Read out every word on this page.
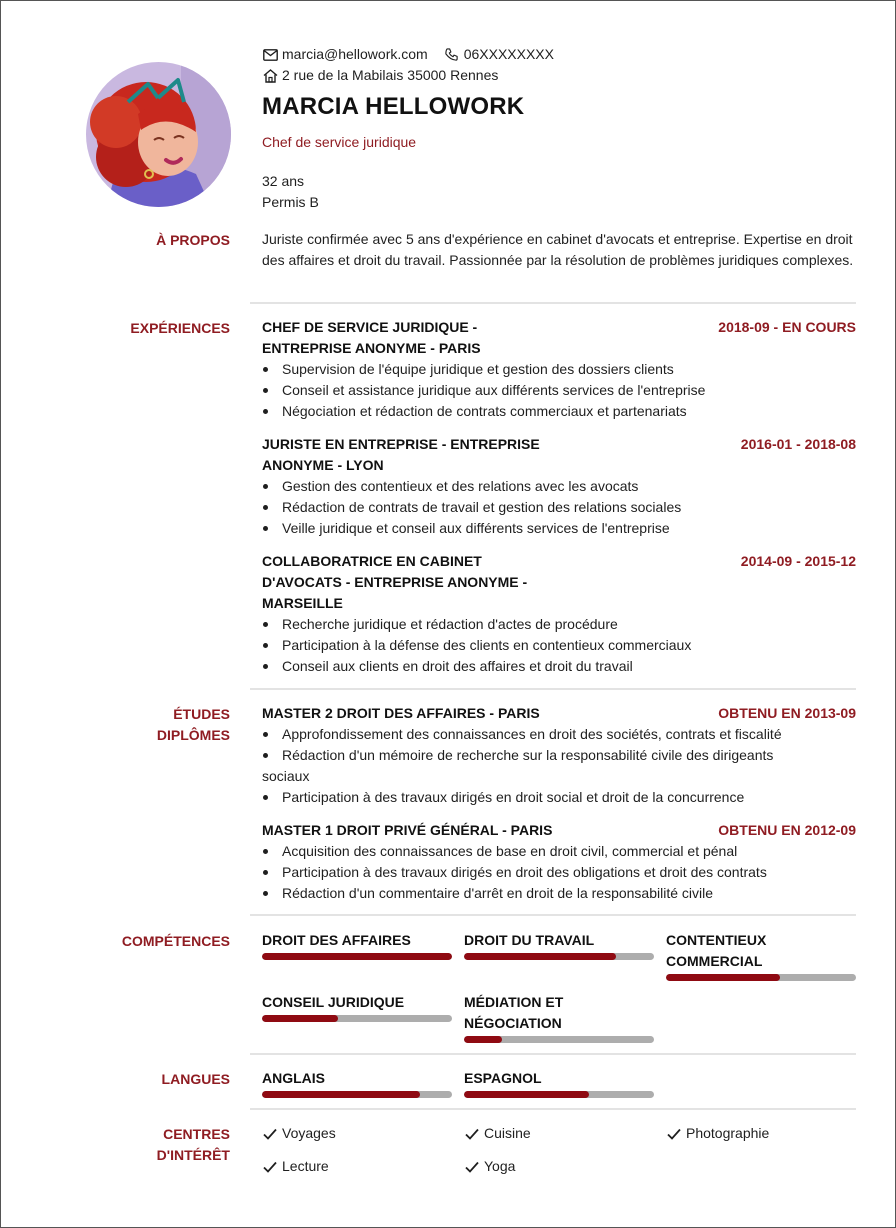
marcia@hellowork.com	06XXXXXXXX
2 rue de la Mabilais 35000 Rennes
MARCIA HELLOWORK
Chef de service juridique
32 ans
Permis B
À PROPOS Juriste confirmée avec 5 ans d'expérience en cabinet d'avocats et entreprise. Expertise en droit des affaires et droit du travail. Passionnée par la résolution de problèmes juridiques complexes.
EXPÉRIENCES CHEF DE SERVICE JURIDIQUE -
ENTREPRISE ANONYME - PARIS
2018-09 - EN COURS
Supervision de l'équipe juridique et gestion des dossiers clients
Conseil et assistance juridique aux différents services de l'entreprise
Négociation et rédaction de contrats commerciaux et partenariats
JURISTE EN ENTREPRISE - ENTREPRISE
ANONYME - LYON
2016-01 - 2018-08
Gestion des contentieux et des relations avec les avocats
Rédaction de contrats de travail et gestion des relations sociales
Veille juridique et conseil aux différents services de l'entreprise
COLLABORATRICE EN CABINET
D'AVOCATS - ENTREPRISE ANONYME -
MARSEILLE
2014-09 - 2015-12
Recherche juridique et rédaction d'actes de procédure
Participation à la défense des clients en contentieux commerciaux
Conseil aux clients en droit des affaires et droit du travail
ÉTUDES
DIPLÔMES
MASTER 2 DROIT DES AFFAIRES - PARIS	OBTENU EN 2013-09
Approfondissement des connaissances en droit des sociétés, contrats et fiscalité
Rédaction d'un mémoire de recherche sur la responsabilité civile des dirigeants
sociaux
Participation à des travaux dirigés en droit social et droit de la concurrence
MASTER 1 DROIT PRIVÉ GÉNÉRAL - PARIS	OBTENU EN 2012-09
Acquisition des connaissances de base en droit civil, commercial et pénal
Participation à des travaux dirigés en droit des obligations et droit des contrats
Rédaction d'un commentaire d'arrêt en droit de la responsabilité civile
COMPÉTENCES DROIT DES AFFAIRES	DROIT DU TRAVAIL	CONTENTIEUX
COMMERCIAL
CONSEIL JURIDIQUE	MÉDIATION ET
NÉGOCIATION
LANGUES ANGLAIS	ESPAGNOL
CENTRES
D'INTÉRÊT
Voyages	Cuisine	Photographie
Lecture	Yoga
